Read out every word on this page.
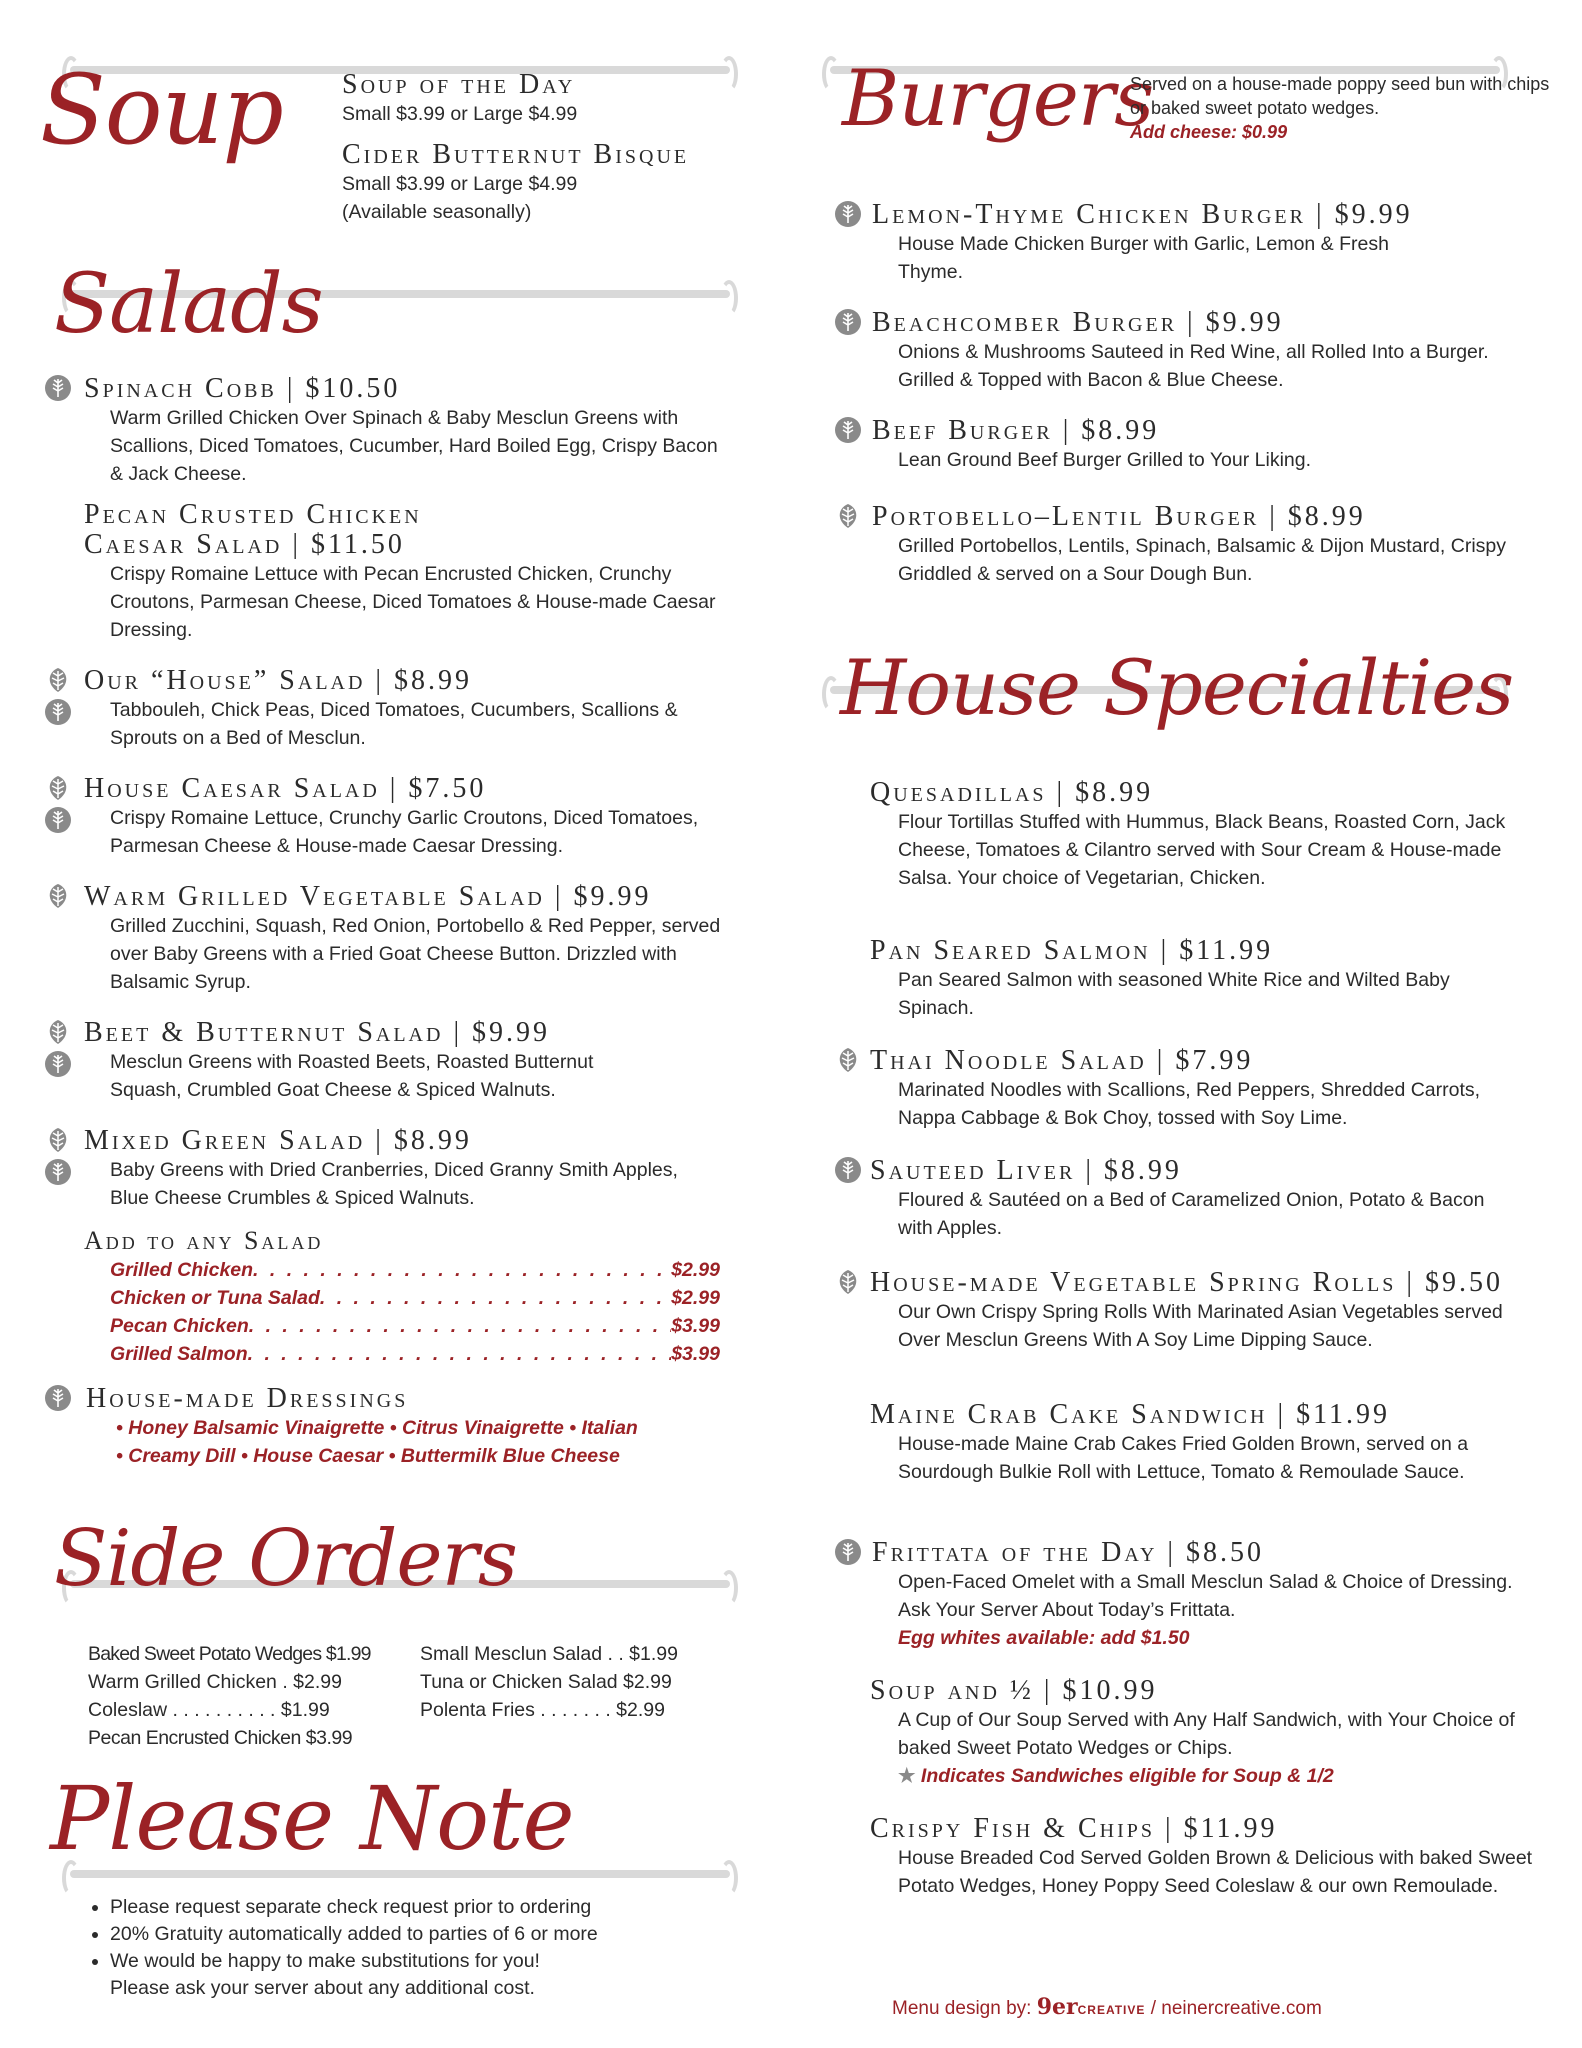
Soup Soup of the Day
Small $3.99 or Large $4.99
Cider Butternut Bisque
Small $3.99 or Large $4.99
(Available seasonally)
Salads
Spinach Cobb | $10.50
Warm Grilled Chicken Over Spinach & Baby Mesclun Greens with Scallions, Diced Tomatoes, Cucumber, Hard Boiled Egg, Crispy Bacon & Jack Cheese.
Pecan Crusted Chicken
Caesar Salad | $11.50
Crispy Romaine Lettuce with Pecan Encrusted Chicken, Crunchy Croutons, Parmesan Cheese, Diced Tomatoes & House-made Caesar Dressing.
Our “House” Salad | $8.99
Tabbouleh, Chick Peas, Diced Tomatoes, Cucumbers, Scallions & Sprouts on a Bed of Mesclun.
House Caesar Salad | $7.50
Crispy Romaine Lettuce, Crunchy Garlic Croutons, Diced Tomatoes, Parmesan Cheese & House-made Caesar Dressing.
Warm Grilled Vegetable Salad | $9.99
Grilled Zucchini, Squash, Red Onion, Portobello & Red Pepper, served over Baby Greens with a Fried Goat Cheese Button. Drizzled with Balsamic Syrup.
Beet & Butternut Salad | $9.99
Mesclun Greens with Roasted Beets, Roasted Butternut Squash, Crumbled Goat Cheese & Spiced Walnuts.
Mixed Green Salad | $8.99
Baby Greens with Dried Cranberries, Diced Granny Smith Apples, Blue Cheese Crumbles & Spiced Walnuts.
Add to any Salad
Grilled Chicken . . .	$2.99
Chicken or Tuna Salad . . .	$2.99
Pecan Chicken . . .	$3.99
Grilled Salmon . . .	$3.99
House-made Dressings
• Honey Balsamic Vinaigrette • Citrus Vinaigrette • Italian
• Creamy Dill • House Caesar • Buttermilk Blue Cheese
Side Orders
Baked Sweet Potato Wedges $1.99
Warm Grilled Chicken . $2.99
Coleslaw . . . . . . . . . . $1.99
Pecan Encrusted Chicken $3.99
Small Mesclun Salad . . $1.99
Tuna or Chicken Salad $2.99
Polenta Fries . . . . . . . $2.99
Please Note
• Please request separate check request prior to ordering
• 20% Gratuity automatically added to parties of 6 or more
• We would be happy to make substitutions for you!
Please ask your server about any additional cost.
Burgers
Served on a house-made poppy seed bun with chips or baked sweet potato wedges.
Add cheese: $0.99
Lemon-Thyme Chicken Burger | $9.99
House Made Chicken Burger with Garlic, Lemon & Fresh Thyme.
Beachcomber Burger | $9.99
Onions & Mushrooms Sauteed in Red Wine, all Rolled Into a Burger. Grilled & Topped with Bacon & Blue Cheese.
Beef Burger | $8.99
Lean Ground Beef Burger Grilled to Your Liking.
Portobello–Lentil Burger | $8.99
Grilled Portobellos, Lentils, Spinach, Balsamic & Dijon Mustard, Crispy Griddled & served on a Sour Dough Bun.
House Specialties
Quesadillas | $8.99
Flour Tortillas Stuffed with Hummus, Black Beans, Roasted Corn, Jack Cheese, Tomatoes & Cilantro served with Sour Cream & House-made Salsa. Your choice of Vegetarian, Chicken.
Pan Seared Salmon | $11.99
Pan Seared Salmon with seasoned White Rice and Wilted Baby Spinach.
Thai Noodle Salad | $7.99
Marinated Noodles with Scallions, Red Peppers, Shredded Carrots, Nappa Cabbage & Bok Choy, tossed with Soy Lime.
Sauteed Liver | $8.99
Floured & Sautéed on a Bed of Caramelized Onion, Potato & Bacon with Apples.
House-made Vegetable Spring Rolls | $9.50
Our Own Crispy Spring Rolls With Marinated Asian Vegetables served Over Mesclun Greens With A Soy Lime Dipping Sauce.
Maine Crab Cake Sandwich | $11.99
House-made Maine Crab Cakes Fried Golden Brown, served on a Sourdough Bulkie Roll with Lettuce, Tomato & Remoulade Sauce.
Frittata of the Day | $8.50
Open-Faced Omelet with a Small Mesclun Salad & Choice of Dressing. Ask Your Server About Today’s Frittata.
Egg whites available: add $1.50
Soup and ½ | $10.99
A Cup of Our Soup Served with Any Half Sandwich, with Your Choice of baked Sweet Potato Wedges or Chips.
★ Indicates Sandwiches eligible for Soup & 1/2
Crispy Fish & Chips | $11.99
House Breaded Cod Served Golden Brown & Delicious with baked Sweet Potato Wedges, Honey Poppy Seed Coleslaw & our own Remoulade.
Menu design by: 9erCREATIVE / neinercreative.com
